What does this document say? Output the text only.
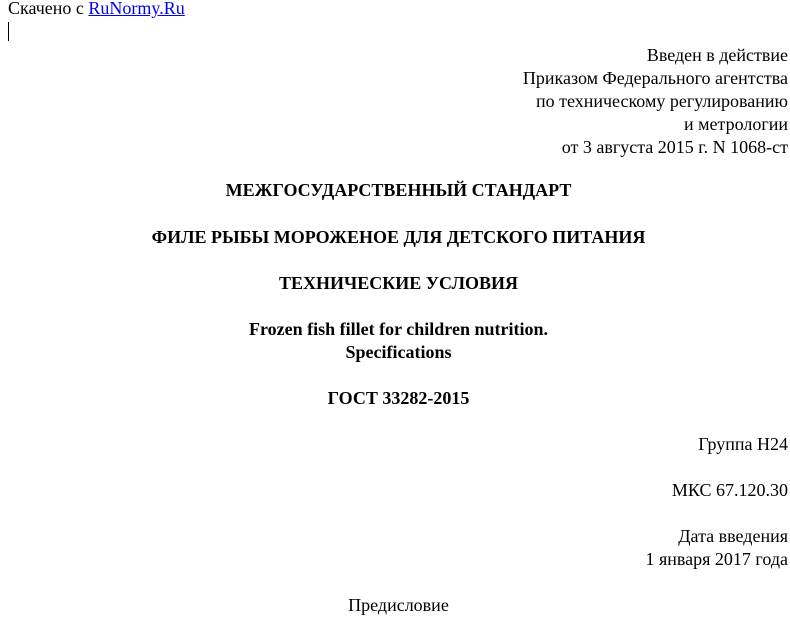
Скачено с RuNormy.Ru
Введен в действие
Приказом Федерального агентства
по техническому регулированию
и метрологии
от 3 августа 2015 г. N 1068-ст
МЕЖГОСУДАРСТВЕННЫЙ СТАНДАРТ
ФИЛЕ РЫБЫ МОРОЖЕНОЕ ДЛЯ ДЕТСКОГО ПИТАНИЯ
ТЕХНИЧЕСКИЕ УСЛОВИЯ
Frozen fish fillet for children nutrition.
Specifications
ГОСТ 33282-2015
Группа Н24
МКС 67.120.30
Дата введения
1 января 2017 года
Предисловие
